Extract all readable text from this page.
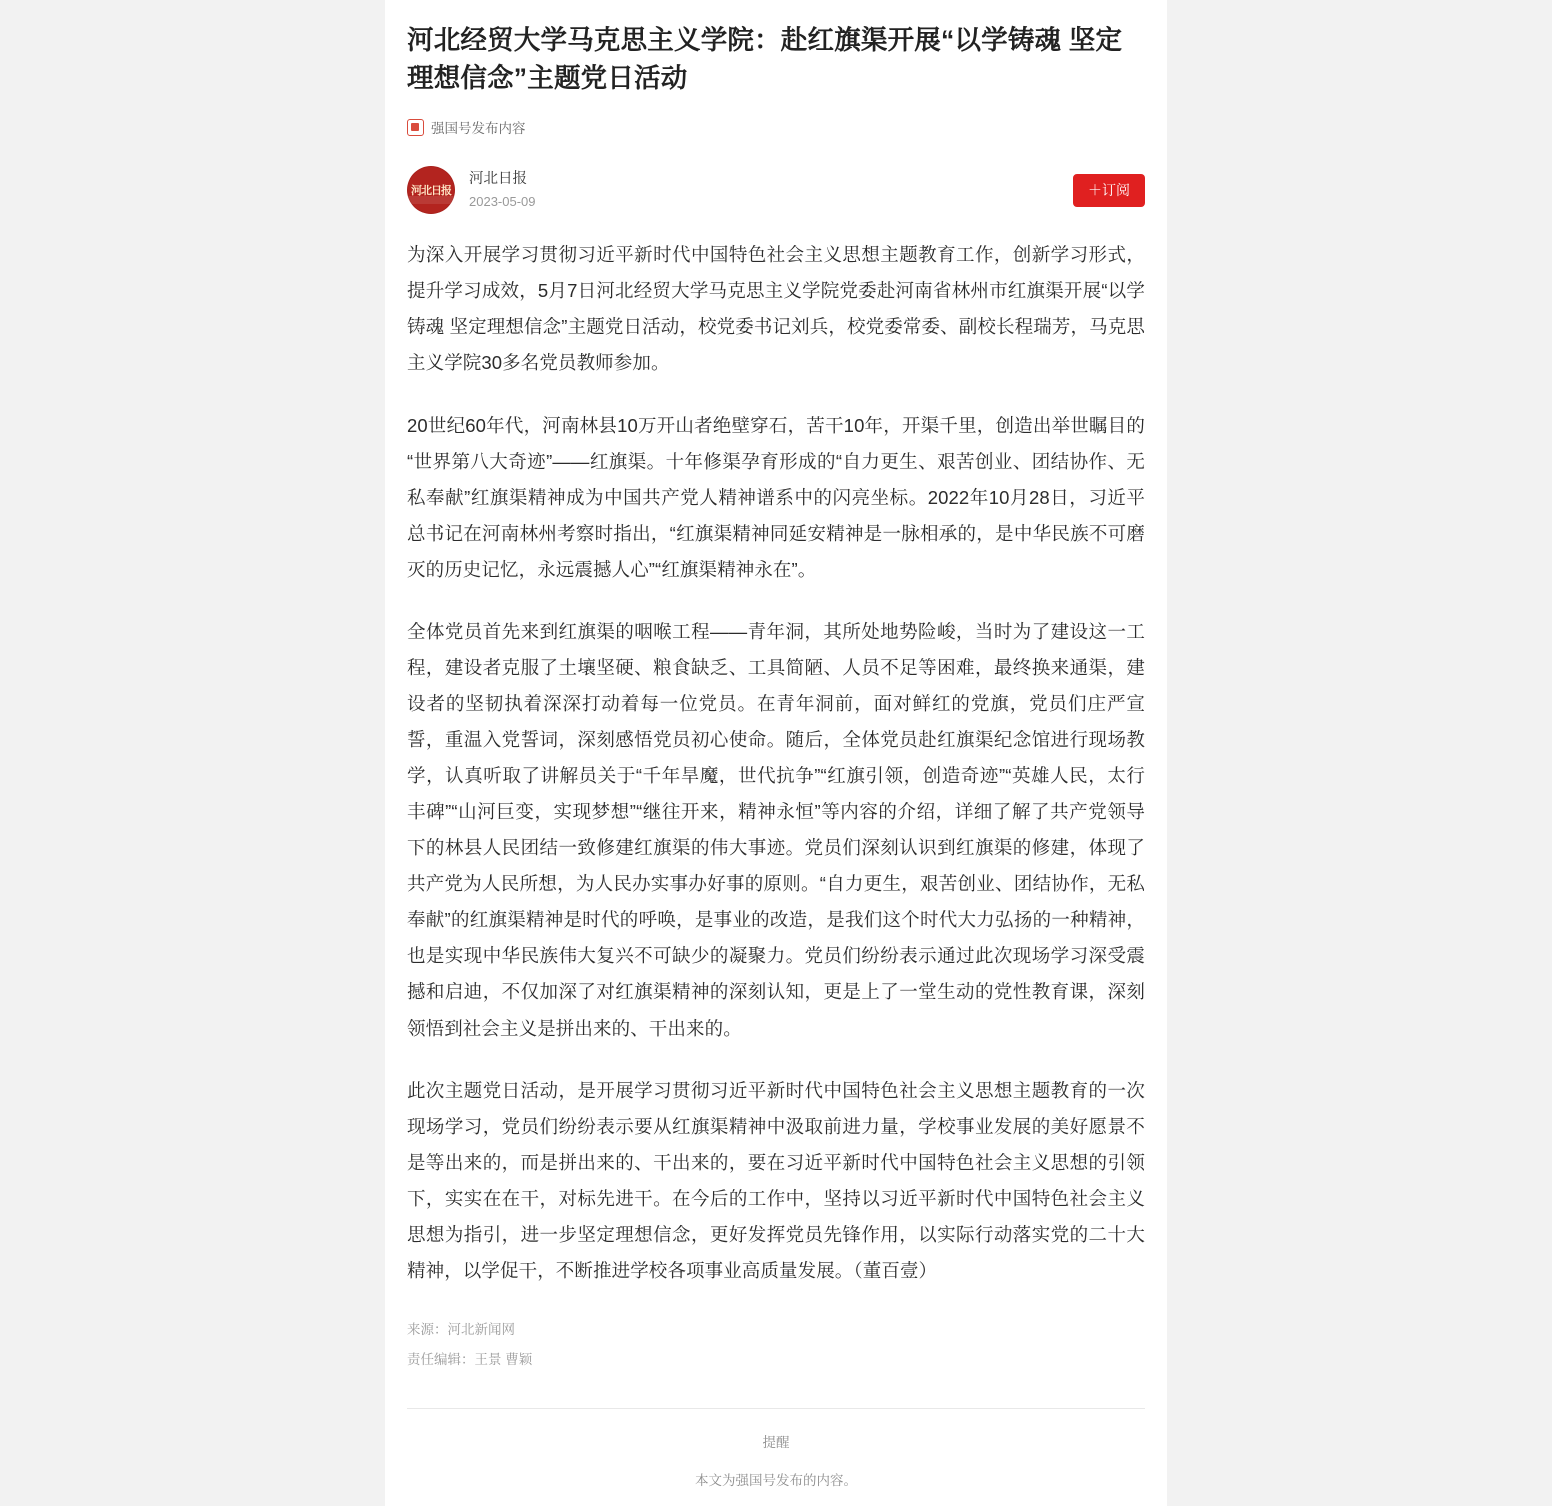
河北经贸大学马克思主义学院：赴红旗渠开展“以学铸魂 坚定理想信念”主题党日活动
强国号发布内容
河北日报
河北日报
2023-05-09
＋订阅

为深入开展学习贯彻习近平新时代中国特色社会主义思想主题教育工作，创新学习形式，提升学习成效，5月7日河北经贸大学马克思主义学院党委赴河南省林州市红旗渠开展“以学铸魂 坚定理想信念”主题党日活动，校党委书记刘兵，校党委常委、副校长程瑞芳，马克思主义学院30多名党员教师参加。

20世纪60年代，河南林县10万开山者绝壁穿石，苦干10年，开渠千里，创造出举世瞩目的“世界第八大奇迹”——红旗渠。十年修渠孕育形成的“自力更生、艰苦创业、团结协作、无私奉献”红旗渠精神成为中国共产党人精神谱系中的闪亮坐标。2022年10月28日，习近平总书记在河南林州考察时指出，“红旗渠精神同延安精神是一脉相承的，是中华民族不可磨灭的历史记忆，永远震撼人心”“红旗渠精神永在”。

全体党员首先来到红旗渠的咽喉工程——青年洞，其所处地势险峻，当时为了建设这一工程，建设者克服了土壤坚硬、粮食缺乏、工具简陋、人员不足等困难，最终换来通渠，建设者的坚韧执着深深打动着每一位党员。在青年洞前，面对鲜红的党旗，党员们庄严宣誓，重温入党誓词，深刻感悟党员初心使命。随后，全体党员赴红旗渠纪念馆进行现场教学，认真听取了讲解员关于“千年旱魔，世代抗争”“红旗引领，创造奇迹”“英雄人民，太行丰碑”“山河巨变，实现梦想”“继往开来，精神永恒”等内容的介绍，详细了解了共产党领导下的林县人民团结一致修建红旗渠的伟大事迹。党员们深刻认识到红旗渠的修建，体现了共产党为人民所想，为人民办实事办好事的原则。“自力更生，艰苦创业、团结协作，无私奉献”的红旗渠精神是时代的呼唤，是事业的改造，是我们这个时代大力弘扬的一种精神，也是实现中华民族伟大复兴不可缺少的凝聚力。党员们纷纷表示通过此次现场学习深受震撼和启迪，不仅加深了对红旗渠精神的深刻认知，更是上了一堂生动的党性教育课，深刻领悟到社会主义是拼出来的、干出来的。

此次主题党日活动，是开展学习贯彻习近平新时代中国特色社会主义思想主题教育的一次现场学习，党员们纷纷表示要从红旗渠精神中汲取前进力量，学校事业发展的美好愿景不是等出来的，而是拼出来的、干出来的，要在习近平新时代中国特色社会主义思想的引领下，实实在在干，对标先进干。在今后的工作中，坚持以习近平新时代中国特色社会主义思想为指引，进一步坚定理想信念，更好发挥党员先锋作用，以实际行动落实党的二十大精神，以学促干，不断推进学校各项事业高质量发展。（董百壹）

来源：河北新闻网
责任编辑：王景 曹颖
提醒
本文为强国号发布的内容。
